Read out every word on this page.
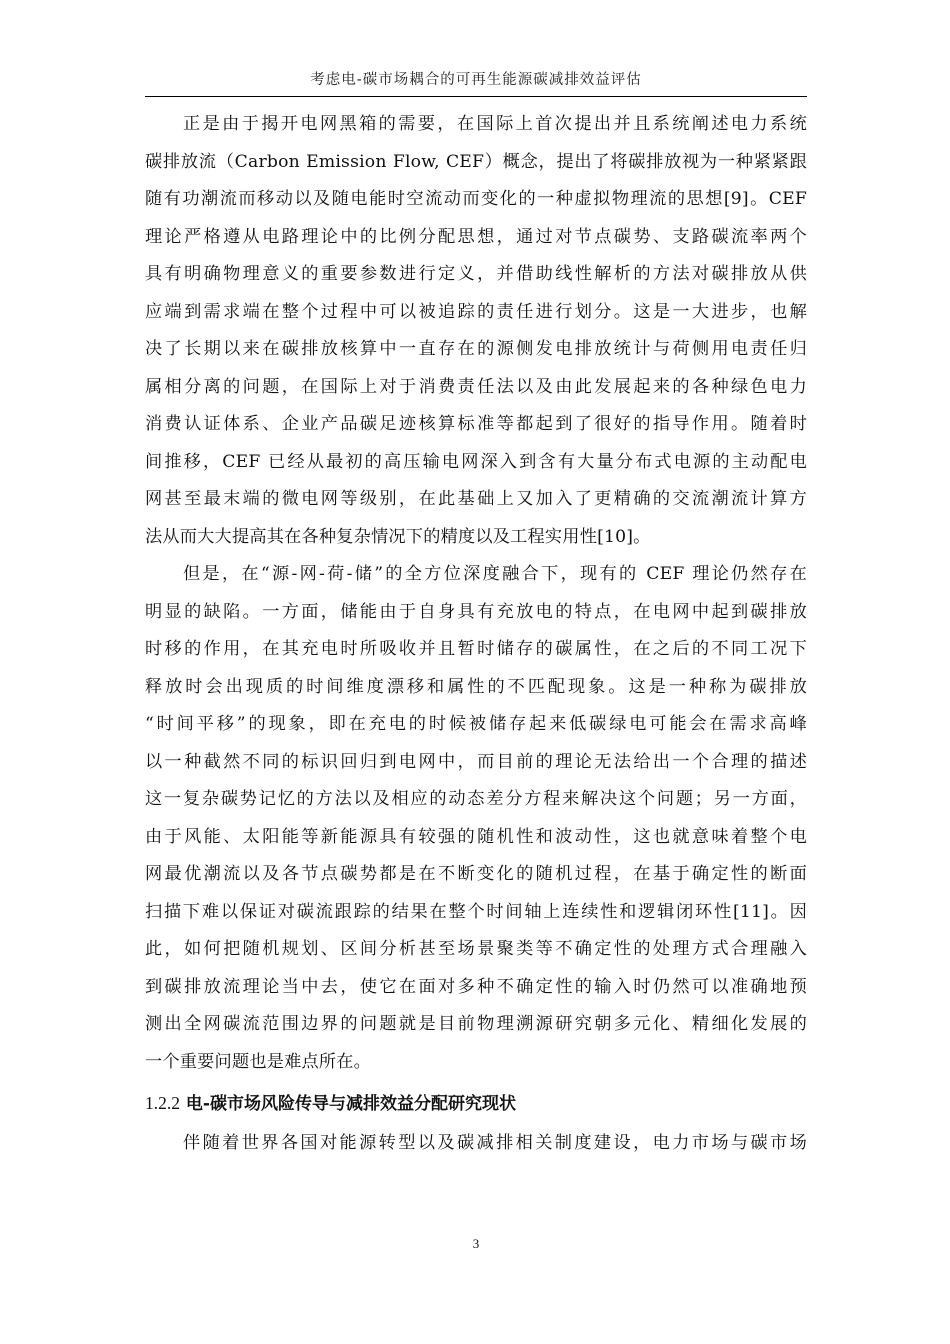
考虑电-碳市场耦合的可再生能源碳减排效益评估
正是由于揭开电网黑箱的需要，在国际上首次提出并且系统阐述电力系统
碳排放流（Carbon Emission Flow, CEF）概念，提出了将碳排放视为一种紧紧跟
随有功潮流而移动以及随电能时空流动而变化的一种虚拟物理流的思想[9]。CEF
理论严格遵从电路理论中的比例分配思想，通过对节点碳势、支路碳流率两个
具有明确物理意义的重要参数进行定义，并借助线性解析的方法对碳排放从供
应端到需求端在整个过程中可以被追踪的责任进行划分。这是一大进步，也解
决了长期以来在碳排放核算中一直存在的源侧发电排放统计与荷侧用电责任归
属相分离的问题，在国际上对于消费责任法以及由此发展起来的各种绿色电力
消费认证体系、企业产品碳足迹核算标准等都起到了很好的指导作用。随着时
间推移，CEF 已经从最初的高压输电网深入到含有大量分布式电源的主动配电
网甚至最末端的微电网等级别，在此基础上又加入了更精确的交流潮流计算方
法从而大大提高其在各种复杂情况下的精度以及工程实用性[10]。
但是，在“源-网-荷-储”的全方位深度融合下，现有的 CEF 理论仍然存在
明显的缺陷。一方面，储能由于自身具有充放电的特点，在电网中起到碳排放
时移的作用，在其充电时所吸收并且暂时储存的碳属性，在之后的不同工况下
释放时会出现质的时间维度漂移和属性的不匹配现象。这是一种称为碳排放
“时间平移”的现象，即在充电的时候被储存起来低碳绿电可能会在需求高峰
以一种截然不同的标识回归到电网中，而目前的理论无法给出一个合理的描述
这一复杂碳势记忆的方法以及相应的动态差分方程来解决这个问题；另一方面，
由于风能、太阳能等新能源具有较强的随机性和波动性，这也就意味着整个电
网最优潮流以及各节点碳势都是在不断变化的随机过程，在基于确定性的断面
扫描下难以保证对碳流跟踪的结果在整个时间轴上连续性和逻辑闭环性[11]。因
此，如何把随机规划、区间分析甚至场景聚类等不确定性的处理方式合理融入
到碳排放流理论当中去，使它在面对多种不确定性的输入时仍然可以准确地预
测出全网碳流范围边界的问题就是目前物理溯源研究朝多元化、精细化发展的
一个重要问题也是难点所在。
1.2.2 电-碳市场风险传导与减排效益分配研究现状
伴随着世界各国对能源转型以及碳减排相关制度建设，电力市场与碳市场
3
